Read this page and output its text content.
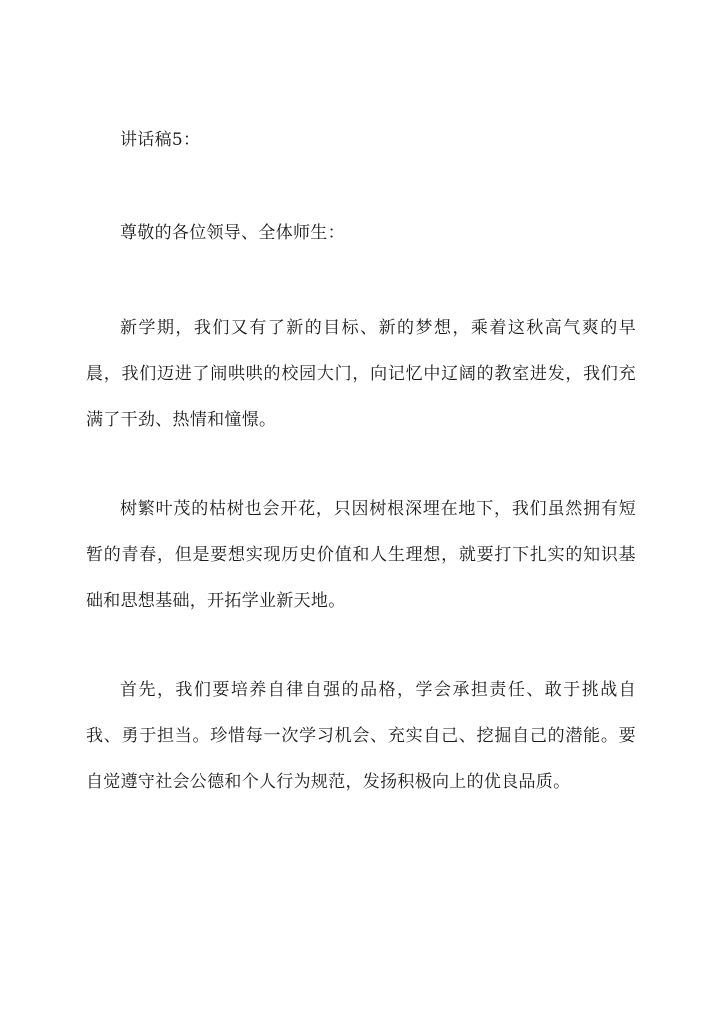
讲话稿5：

尊敬的各位领导、全体师生：

新学期，我们又有了新的目标、新的梦想，乘着这秋高气爽的早晨，我们迈进了闹哄哄的校园大门，向记忆中辽阔的教室进发，我们充满了干劲、热情和憧憬。

树繁叶茂的枯树也会开花，只因树根深埋在地下，我们虽然拥有短暂的青春，但是要想实现历史价值和人生理想，就要打下扎实的知识基础和思想基础，开拓学业新天地。

首先，我们要培养自律自强的品格，学会承担责任、敢于挑战自我、勇于担当。珍惜每一次学习机会、充实自己、挖掘自己的潜能。要自觉遵守社会公德和个人行为规范，发扬积极向上的优良品质。
